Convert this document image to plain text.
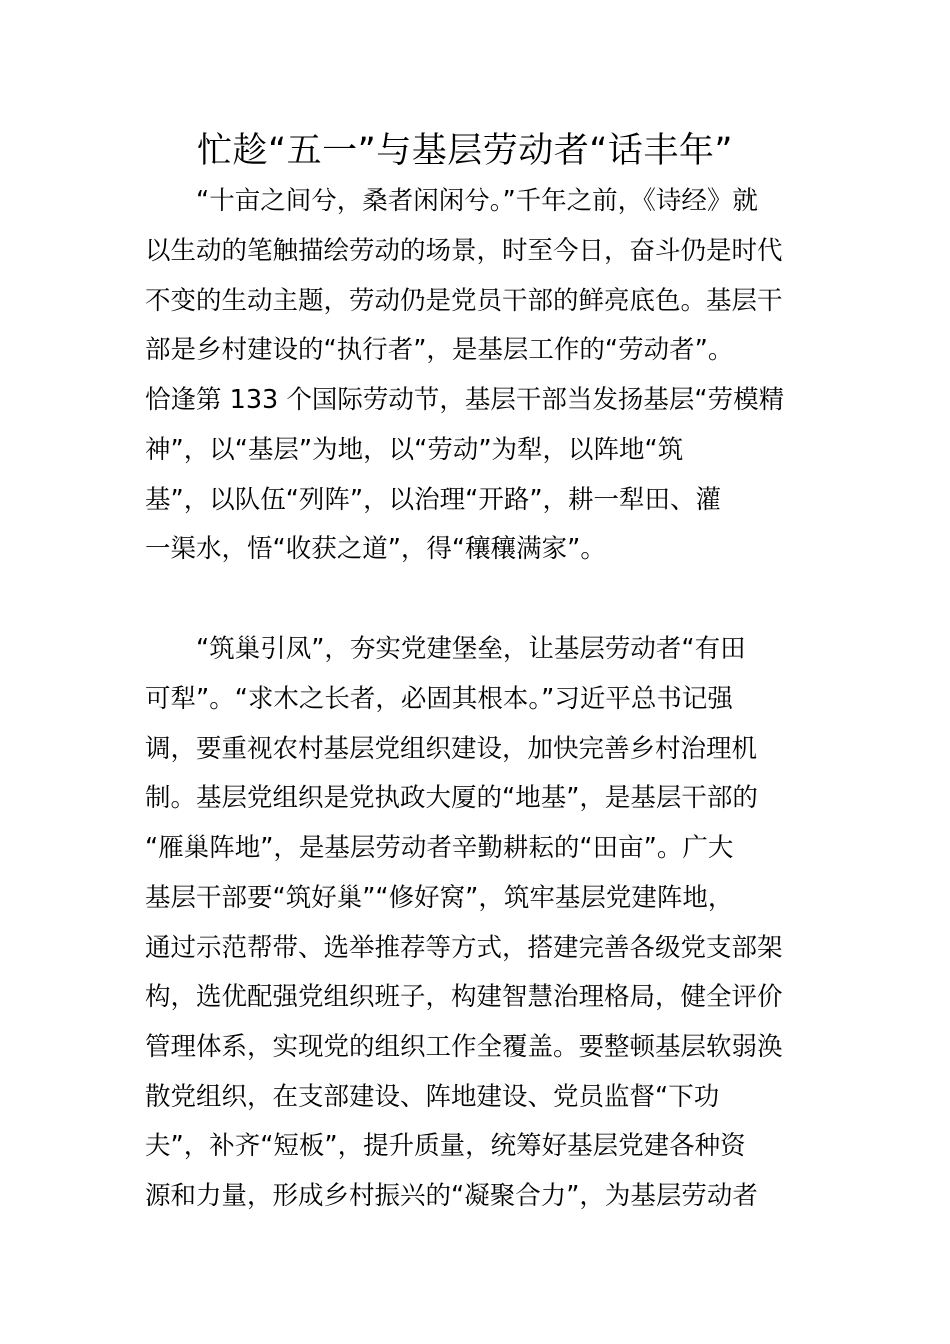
忙趁“五一”与基层劳动者“话丰年”
“十亩之间兮，桑者闲闲兮。”千年之前，《诗经》就
以生动的笔触描绘劳动的场景，时至今日，奋斗仍是时代
不变的生动主题，劳动仍是党员干部的鲜亮底色。基层干
部是乡村建设的“执行者”，是基层工作的“劳动者”。
恰逢第 133 个国际劳动节，基层干部当发扬基层“劳模精
神”，以“基层”为地，以“劳动”为犁，以阵地“筑
基”，以队伍“列阵”，以治理“开路”，耕一犁田、灌
一渠水，悟“收获之道”，得“穰穰满家”。
“筑巢引凤”，夯实党建堡垒，让基层劳动者“有田
可犁”。“求木之长者，必固其根本。”习近平总书记强
调，要重视农村基层党组织建设，加快完善乡村治理机
制。基层党组织是党执政大厦的“地基”，是基层干部的
“雁巢阵地”，是基层劳动者辛勤耕耘的“田亩”。广大
基层干部要“筑好巢”“修好窝”，筑牢基层党建阵地，
通过示范帮带、选举推荐等方式，搭建完善各级党支部架
构，选优配强党组织班子，构建智慧治理格局，健全评价
管理体系，实现党的组织工作全覆盖。要整顿基层软弱涣
散党组织，在支部建设、阵地建设、党员监督“下功
夫”，补齐“短板”，提升质量，统筹好基层党建各种资
源和力量，形成乡村振兴的“凝聚合力”，为基层劳动者
